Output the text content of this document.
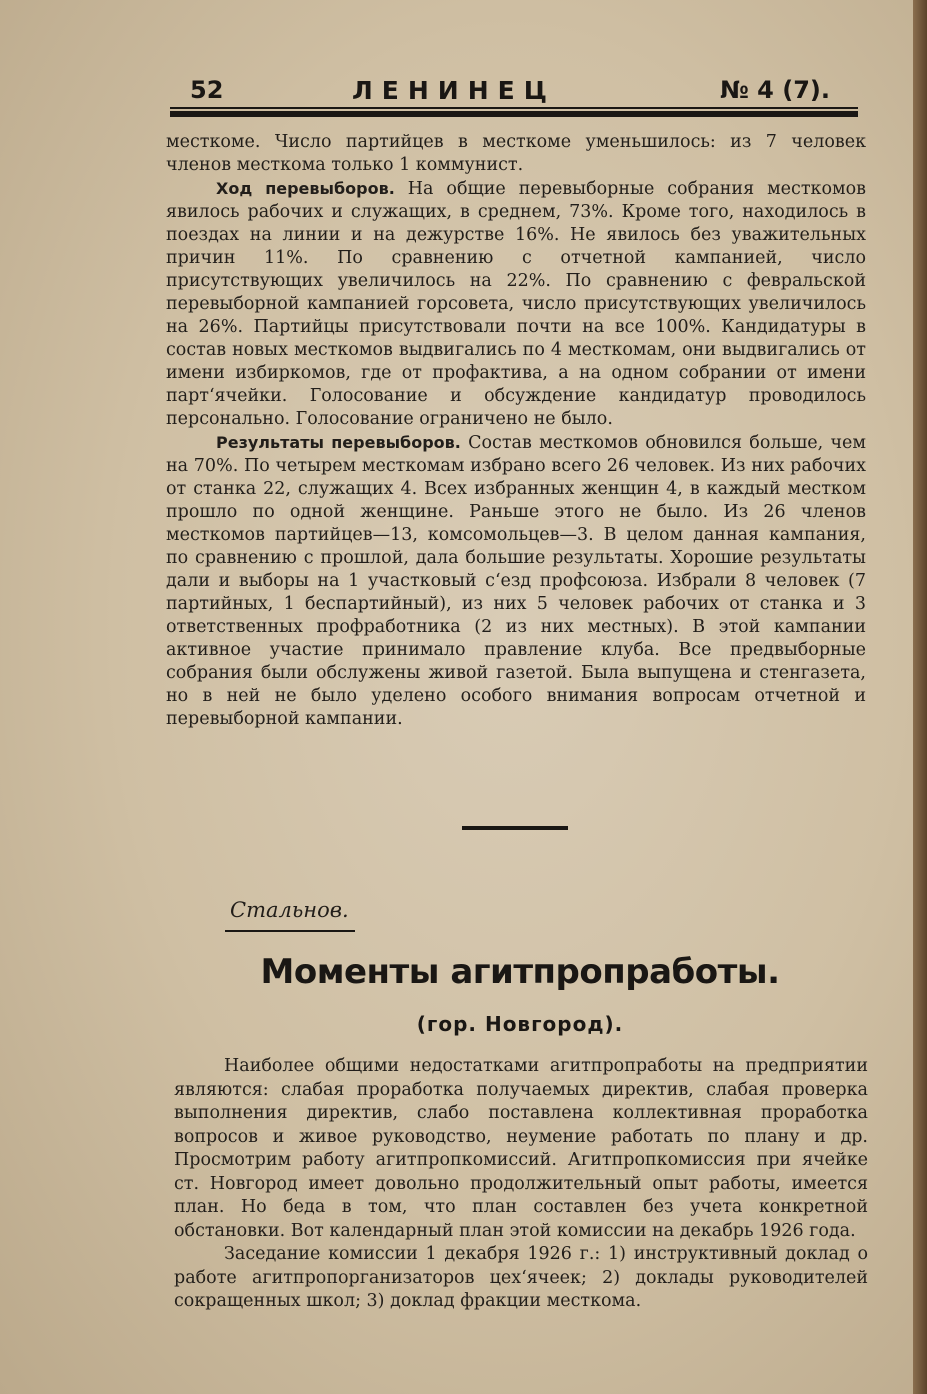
52	ЛЕНИНЕЦ	№ 4 (7).

месткоме. Число партийцев в месткоме уменьшилось: из 7 человек членов месткома только 1 коммунист.

Ход перевыборов. На общие перевыборные собрания месткомов явилось рабочих и служащих, в среднем, 73%. Кроме того, находилось в поездах на линии и на дежурстве 16%. Не явилось без уважительных причин 11%. По сравнению с отчетной кампанией, число присутствующих увеличилось на 22%. По сравнению с февральской перевыборной кампанией горсовета, число присутствующих увеличилось на 26%. Партийцы присутствовали почти на все 100%. Кандидатуры в состав новых месткомов выдвигались по 4 месткомам, они выдвигались от имени избиркомов, где от профактива, а на одном собрании от имени парт‘ячейки. Голосование и обсуждение кандидатур проводилось персонально. Голосование ограничено не было.

Результаты перевыборов. Состав месткомов обновился больше, чем на 70%. По четырем месткомам избрано всего 26 человек. Из них рабочих от станка 22, служащих 4. Всех избранных женщин 4, в каждый местком прошло по одной женщине. Раньше этого не было. Из 26 членов месткомов партийцев—13, комсомольцев—3. В целом данная кампания, по сравнению с прошлой, дала большие результаты. Хорошие результаты дали и выборы на 1 участковый с‘езд профсоюза. Избрали 8 человек (7 партийных, 1 беспартийный), из них 5 человек рабочих от станка и 3 ответственных профработника (2 из них местных). В этой кампании активное участие принимало правление клуба. Все предвыборные собрания были обслужены живой газетой. Была выпущена и стенгазета, но в ней не было уделено особого внимания вопросам отчетной и перевыборной кампании.

Стальнов.
Моменты агитпропработы.
(гор. Новгород).

Наиболее общими недостатками агитпропработы на предприятии являются: слабая проработка получаемых директив, слабая проверка выполнения директив, слабо поставлена коллективная проработка вопросов и живое руководство, неумение работать по плану и др. Просмотрим работу агитпропкомиссий. Агитпропкомиссия при ячейке ст. Новгород имеет довольно продолжительный опыт работы, имеется план. Но беда в том, что план составлен без учета конкретной обстановки. Вот календарный план этой комиссии на декабрь 1926 года.

Заседание комиссии 1 декабря 1926 г.: 1) инструктивный доклад о работе агитпропорганизаторов цех‘ячеек; 2) доклады руководителей сокращенных школ; 3) доклад фракции месткома.
